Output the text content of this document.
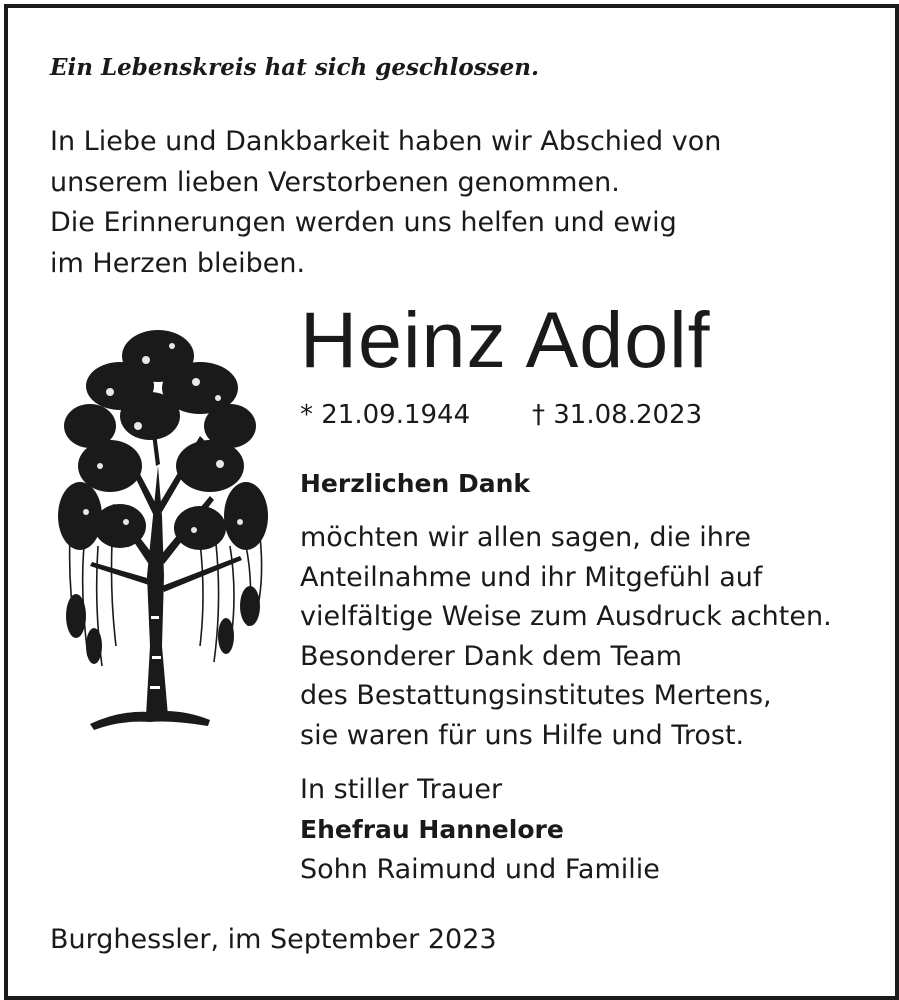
Ein Lebenskreis hat sich geschlossen.
In Liebe und Dankbarkeit haben wir Abschied von
unserem lieben Verstorbenen genommen.
Die Erinnerungen werden uns helfen und ewig
im Herzen bleiben.
Heinz Adolf
* 21.09.1944 † 31.08.2023
Herzlichen Dank
möchten wir allen sagen, die ihre
Anteilnahme und ihr Mitgefühl auf
vielfältige Weise zum Ausdruck achten.
Besonderer Dank dem Team
des Bestattungsinstitutes Mertens,
sie waren für uns Hilfe und Trost.
In stiller Trauer
Ehefrau Hannelore
Sohn Raimund und Familie
Burghessler, im September 2023
